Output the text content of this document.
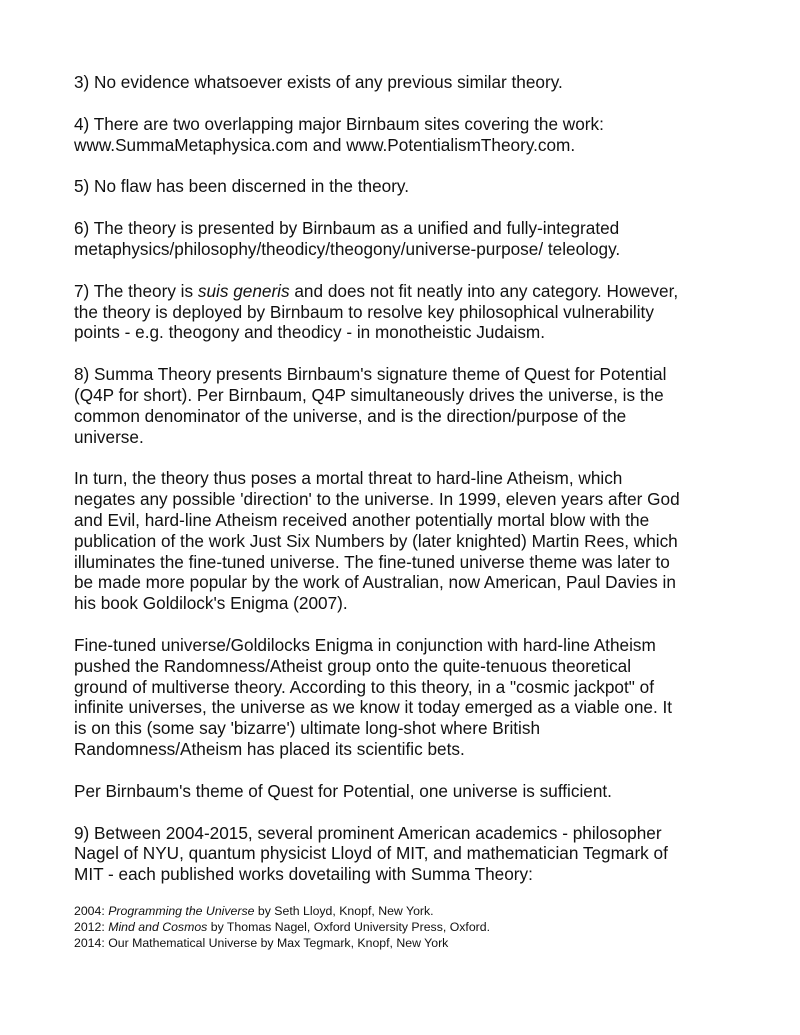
3) No evidence whatsoever exists of any previous similar theory.

4) There are two overlapping major Birnbaum sites covering the work:
www.SummaMetaphysica.com and www.PotentialismTheory.com.

5) No flaw has been discerned in the theory.

6) The theory is presented by Birnbaum as a unified and fully-integrated
metaphysics/philosophy/theodicy/theogony/universe-purpose/ teleology.

7) The theory is suis generis and does not fit neatly into any category. However,
the theory is deployed by Birnbaum to resolve key philosophical vulnerability
points - e.g. theogony and theodicy - in monotheistic Judaism.

8) Summa Theory presents Birnbaum's signature theme of Quest for Potential
(Q4P for short). Per Birnbaum, Q4P simultaneously drives the universe, is the
common denominator of the universe, and is the direction/purpose of the
universe.

In turn, the theory thus poses a mortal threat to hard-line Atheism, which
negates any possible 'direction' to the universe. In 1999, eleven years after God
and Evil, hard-line Atheism received another potentially mortal blow with the
publication of the work Just Six Numbers by (later knighted) Martin Rees, which
illuminates the fine-tuned universe. The fine-tuned universe theme was later to
be made more popular by the work of Australian, now American, Paul Davies in
his book Goldilock's Enigma (2007).

Fine-tuned universe/Goldilocks Enigma in conjunction with hard-line Atheism
pushed the Randomness/Atheist group onto the quite-tenuous theoretical
ground of multiverse theory. According to this theory, in a "cosmic jackpot" of
infinite universes, the universe as we know it today emerged as a viable one. It
is on this (some say 'bizarre') ultimate long-shot where British
Randomness/Atheism has placed its scientific bets.

Per Birnbaum's theme of Quest for Potential, one universe is sufficient.

9) Between 2004-2015, several prominent American academics - philosopher
Nagel of NYU, quantum physicist Lloyd of MIT, and mathematician Tegmark of
MIT - each published works dovetailing with Summa Theory:

2004: Programming the Universe by Seth Lloyd, Knopf, New York.
2012: Mind and Cosmos by Thomas Nagel, Oxford University Press, Oxford.
2014: Our Mathematical Universe by Max Tegmark, Knopf, New York
